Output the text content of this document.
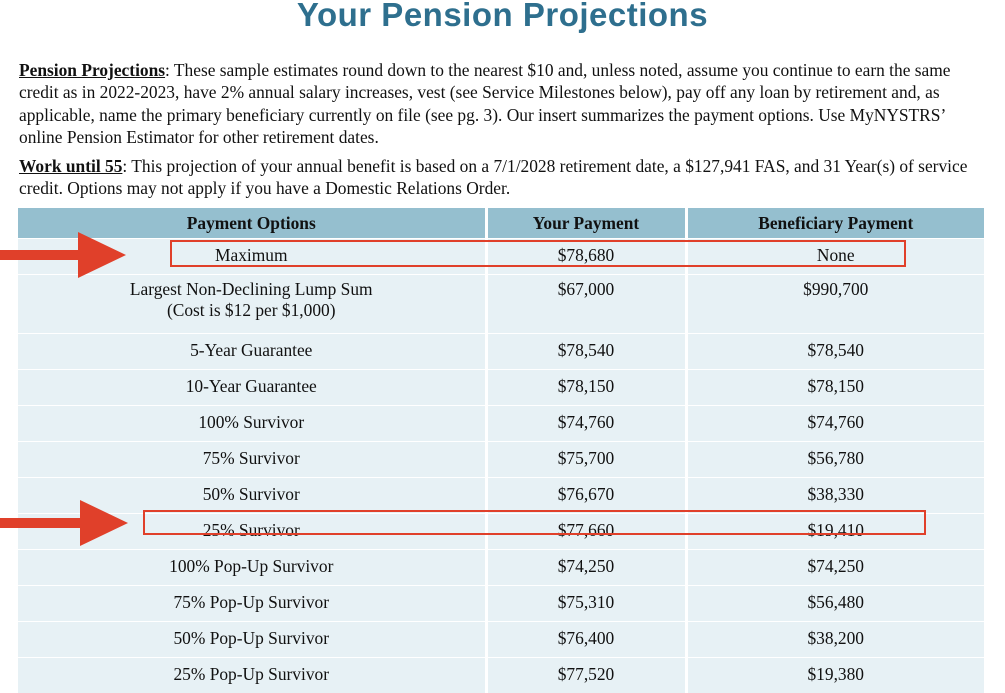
Your Pension Projections
Pension Projections: These sample estimates round down to the nearest $10 and, unless noted, assume you continue to earn the same credit as in 2022-2023, have 2% annual salary increases, vest (see Service Milestones below), pay off any loan by retirement and, as applicable, name the primary beneficiary currently on file (see pg. 3). Our insert summarizes the payment options. Use MyNYSTRS’ online Pension Estimator for other retirement dates.
Work until 55: This projection of your annual benefit is based on a 7/1/2028 retirement date, a $127,941 FAS, and 31 Year(s) of service credit. Options may not apply if you have a Domestic Relations Order.
Payment Options	Your Payment	Beneficiary Payment
Maximum	$78,680	None

Largest Non-Declining Lump Sum
(Cost is $12 per $1,000)	$67,000	$990,700
5-Year Guarantee	$78,540	$78,540
10-Year Guarantee	$78,150	$78,150
100% Survivor	$74,760	$74,760
75% Survivor	$75,700	$56,780
50% Survivor	$76,670	$38,330
25% Survivor	$77,660	$19,410
100% Pop-Up Survivor	$74,250	$74,250
75% Pop-Up Survivor	$75,310	$56,480
50% Pop-Up Survivor	$76,400	$38,200
25% Pop-Up Survivor	$77,520	$19,380
